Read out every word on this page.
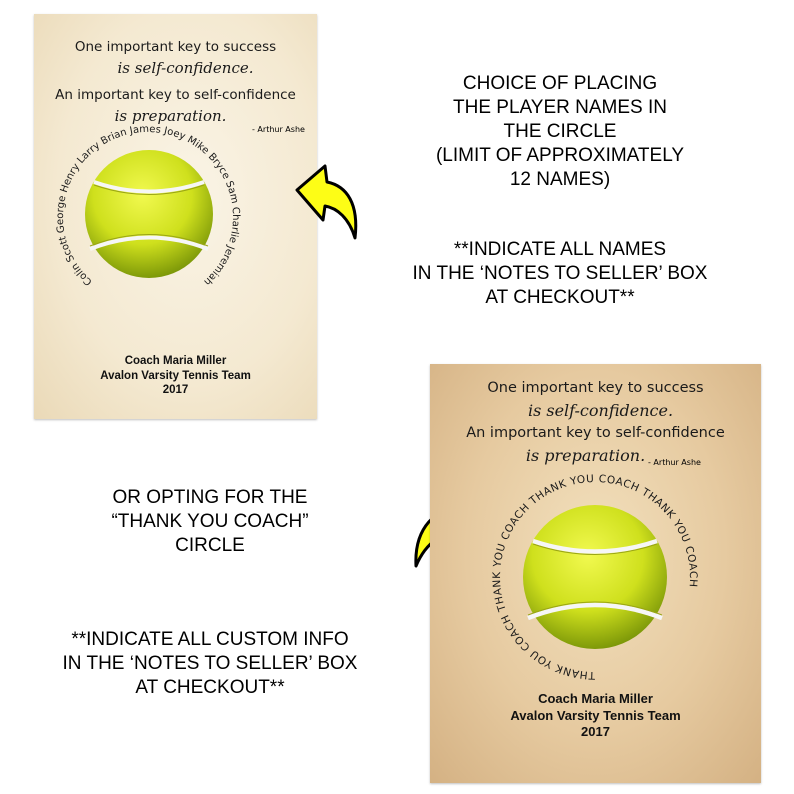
One important key to success
is self-confidence.
An important key to self-confidence
is preparation.
- Arthur Ashe
Colin Scott George Henry Larry Brian James Joey Mike Bryce Sam Charlie Jeremiah
Coach Maria Miller
Avalon Varsity Tennis Team
2017
CHOICE OF PLACING
THE PLAYER NAMES IN
THE CIRCLE
(LIMIT OF APPROXIMATELY
12 NAMES)
**INDICATE ALL NAMES
IN THE ‘NOTES TO SELLER’ BOX
AT CHECKOUT**
OR OPTING FOR THE
“THANK YOU COACH”
CIRCLE
**INDICATE ALL CUSTOM INFO
IN THE ‘NOTES TO SELLER’ BOX
AT CHECKOUT**
One important key to success
is self-confidence.
An important key to self-confidence
is preparation. - Arthur Ashe
THANK YOU COACH THANK YOU COACH THANK YOU COACH THANK YOU COACH
Coach Maria Miller
Avalon Varsity Tennis Team
2017
